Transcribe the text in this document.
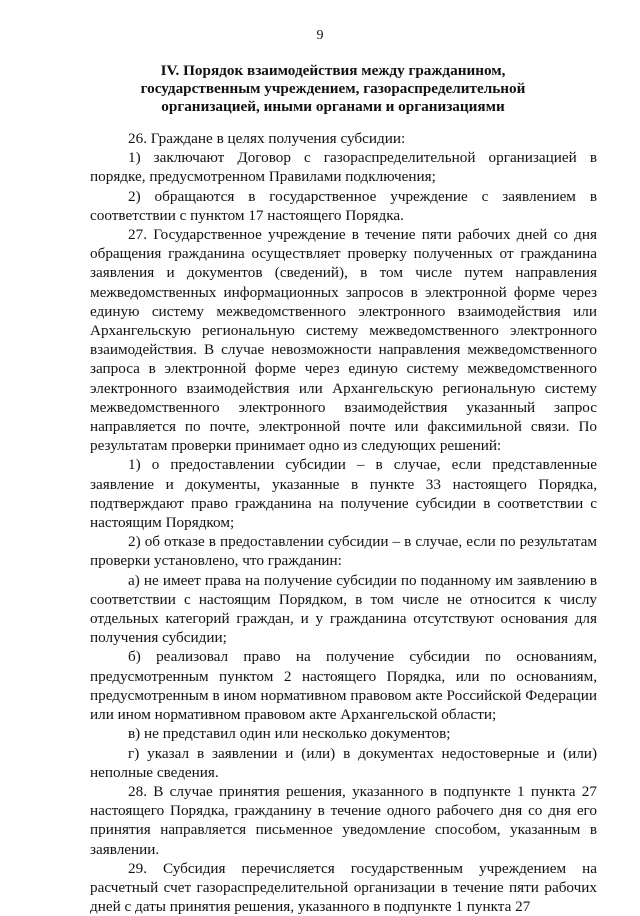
9
IV. Порядок взаимодействия между гражданином,
государственным учреждением, газораспределительной
организацией, иными органами и организациями

26. Граждане в целях получения субсидии:

1) заключают Договор с газораспределительной организацией в порядке, предусмотренном Правилами подключения;

2) обращаются в государственное учреждение с заявлением в соответствии с пунктом 17 настоящего Порядка.

27. Государственное учреждение в течение пяти рабочих дней со дня обращения гражданина осуществляет проверку полученных от гражданина заявления и документов (сведений), в том числе путем направления межведомственных информационных запросов в электронной форме через единую систему межведомственного электронного взаимодействия или Архангельскую региональную систему межведомственного электронного взаимодействия. В случае невозможности направления межведомственного запроса в электронной форме через единую систему межведомственного электронного взаимодействия или Архангельскую региональную систему межведомственного электронного взаимодействия указанный запрос направляется по почте, электронной почте или факсимильной связи. По результатам проверки принимает одно из следующих решений:

1) о предоставлении субсидии – в случае, если представленные заявление и документы, указанные в пункте 33 настоящего Порядка, подтверждают право гражданина на получение субсидии в соответствии с настоящим Порядком;

2) об отказе в предоставлении субсидии – в случае, если по результатам проверки установлено, что гражданин:

а) не имеет права на получение субсидии по поданному им заявлению в соответствии с настоящим Порядком, в том числе не относится к числу отдельных категорий граждан, и у гражданина отсутствуют основания для получения субсидии;

б) реализовал право на получение субсидии по основаниям, предусмотренным пунктом 2 настоящего Порядка, или по основаниям, предусмотренным в ином нормативном правовом акте Российской Федерации или ином нормативном правовом акте Архангельской области;

в) не представил один или несколько документов;

г) указал в заявлении и (или) в документах недостоверные и (или) неполные сведения.

28. В случае принятия решения, указанного в подпункте 1 пункта 27 настоящего Порядка, гражданину в течение одного рабочего дня со дня его принятия направляется письменное уведомление способом, указанным в заявлении.

29. Субсидия перечисляется государственным учреждением на расчетный счет газораспределительной организации в течение пяти рабочих дней с даты принятия решения, указанного в подпункте 1 пункта 27
